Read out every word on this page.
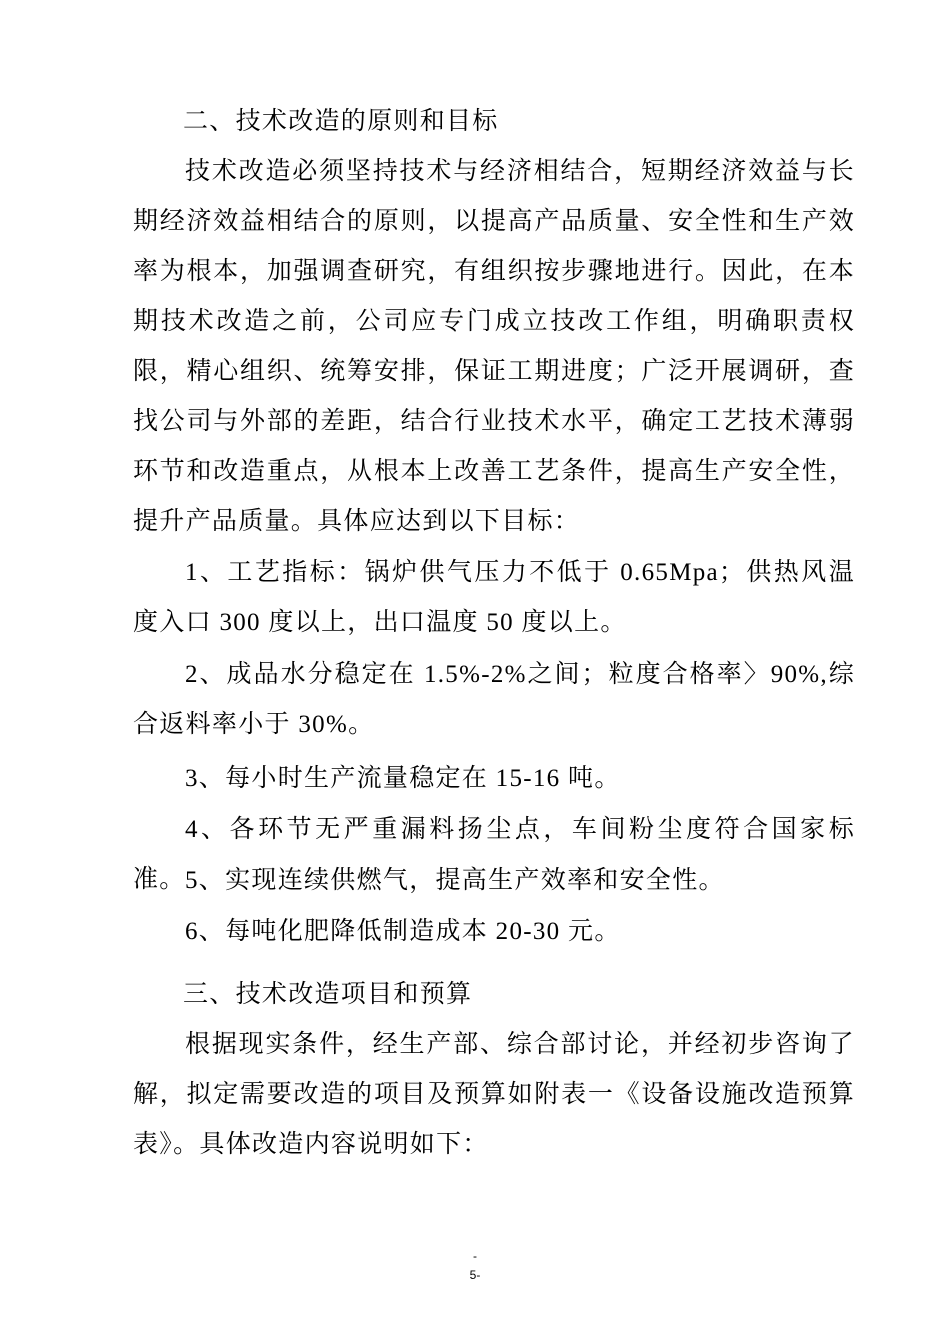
二、技术改造的原则和目标

技术改造必须坚持技术与经济相结合，短期经济效益与长期经济效益相结合的原则，以提高产品质量、安全性和生产效率为根本，加强调查研究，有组织按步骤地进行。因此，在本期技术改造之前，公司应专门成立技改工作组，明确职责权限，精心组织、统筹安排，保证工期进度；广泛开展调研，查找公司与外部的差距，结合行业技术水平，确定工艺技术薄弱环节和改造重点，从根本上改善工艺条件，提高生产安全性，提升产品质量。具体应达到以下目标：

1、工艺指标：锅炉供气压力不低于 0.65Mpa；供热风温度入口 300 度以上，出口温度 50 度以上。

2、成品水分稳定在 1.5%-2%之间；粒度合格率〉90%,综合返料率小于 30%。

3、每小时生产流量稳定在 15-16 吨。

4、各环节无严重漏料扬尘点，车间粉尘度符合国家标准。 5、实现连续供燃气，提高生产效率和安全性。

6、每吨化肥降低制造成本 20-30 元。

三、技术改造项目和预算

根据现实条件，经生产部、综合部讨论，并经初步咨询了解，拟定需要改造的项目及预算如附表一《设备设施改造预算表》。具体改造内容说明如下：

-
5-
